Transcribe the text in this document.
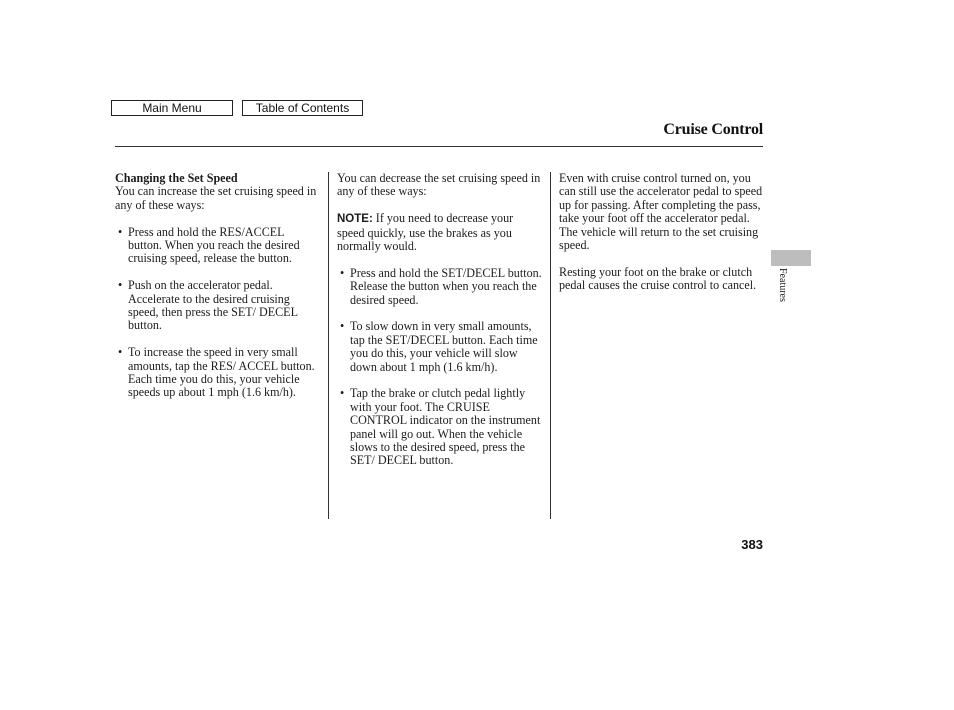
Main Menu	Table of Contents
Cruise Control

Changing the Set Speed

You can increase the set cruising speed in any of these ways:

• Press and hold the RES/ACCEL button. When you reach the desired cruising speed, release the button.
• Push on the accelerator pedal. Accelerate to the desired cruising speed, then press the SET/ DECEL button.
• To increase the speed in very small amounts, tap the RES/ ACCEL button. Each time you do this, your vehicle speeds up about 1 mph (1.6 km/h).

You can decrease the set cruising speed in any of these ways:

NOTE: If you need to decrease your speed quickly, use the brakes as you normally would.

• Press and hold the SET/DECEL button. Release the button when you reach the desired speed.
• To slow down in very small amounts, tap the SET/DECEL button. Each time you do this, your vehicle will slow down about 1 mph (1.6 km/h).
• Tap the brake or clutch pedal lightly with your foot. The CRUISE CONTROL indicator on the instrument panel will go out. When the vehicle slows to the desired speed, press the SET/ DECEL button.

Even with cruise control turned on, you can still use the accelerator pedal to speed up for passing. After completing the pass, take your foot off the accelerator pedal. The vehicle will return to the set cruising speed.

Resting your foot on the brake or clutch pedal causes the cruise control to cancel.	Features
383
